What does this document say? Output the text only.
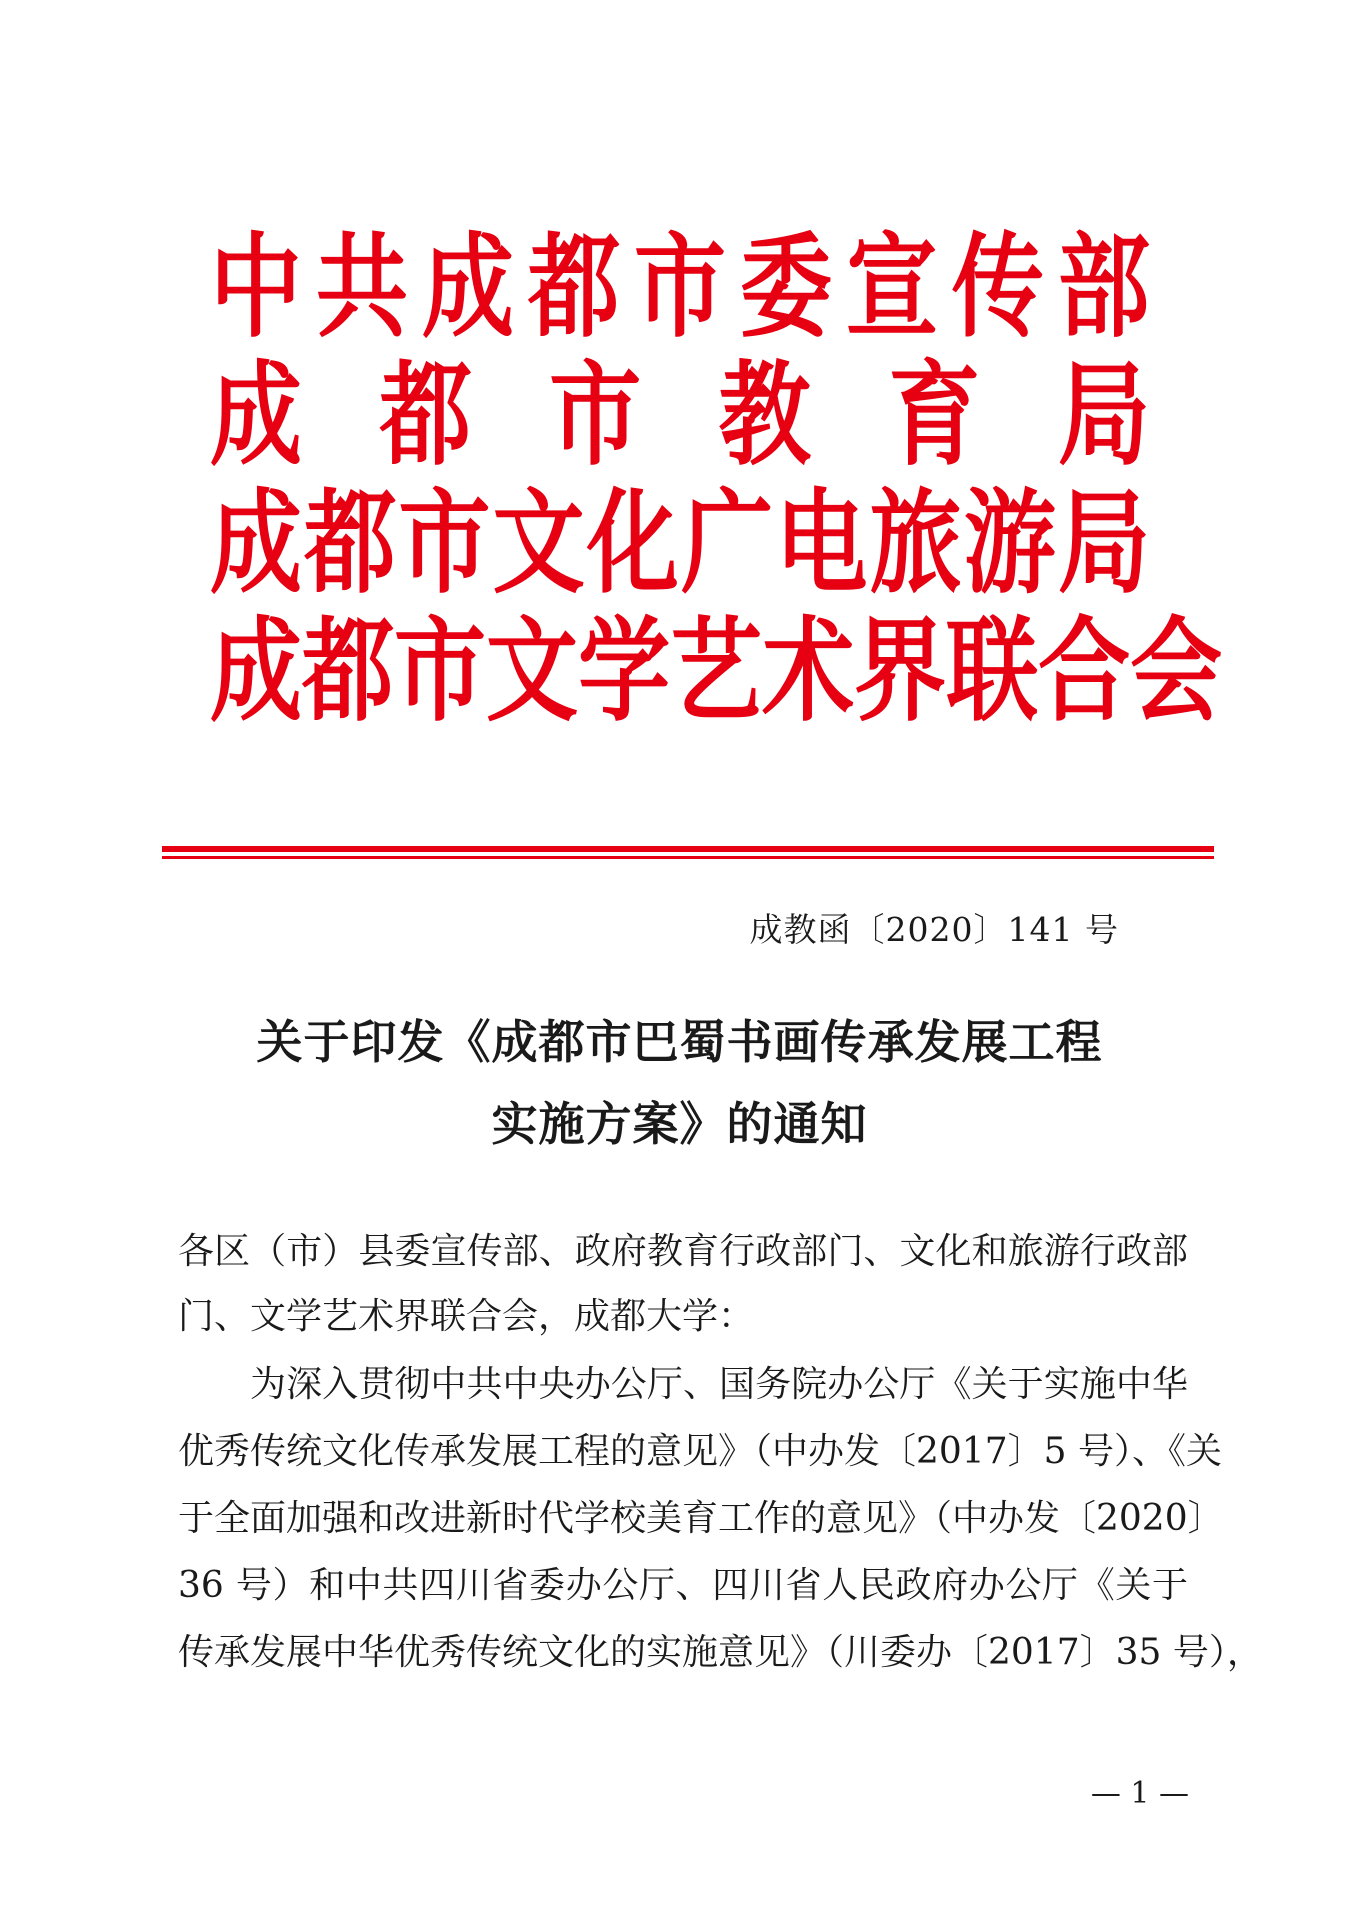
中 共 成 都 市 委 宣 传 部
成 都 市 教 育 局
成 都 市 文 化 广 电 旅 游 局
成 都 市 文 学 艺 术 界 联 合 会
成教函〔2020〕141 号
关于印发《成都市巴蜀书画传承发展工程
实施方案》的通知
各区（市）县委宣传部、政府教育行政部门、文化和旅游行政部
门、文学艺术界联合会，成都大学：
为深入贯彻中共中央办公厅、国务院办公厅《关于实施中华
优秀传统文化传承发展工程的意见》（中办发〔2017〕5 号）、《关
于全面加强和改进新时代学校美育工作的意见》（中办发〔2020〕
36 号）和中共四川省委办公厅、四川省人民政府办公厅《关于
传承发展中华优秀传统文化的实施意见》（川委办〔2017〕35 号），
— 1 —
